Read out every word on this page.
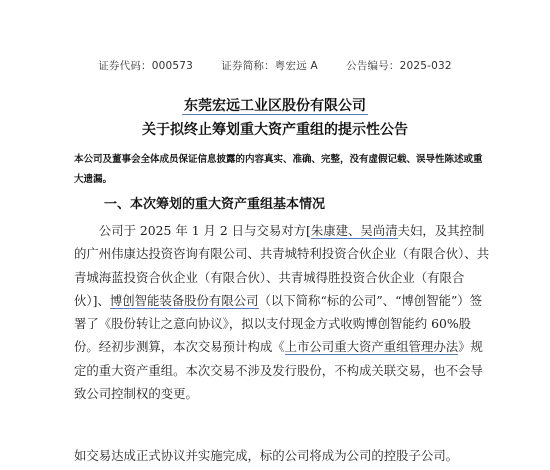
证券代码：000573        证券简称：粤宏远 A        公告编号：2025-032
东莞宏远工业区股份有限公司
关于拟终止筹划重大资产重组的提示性公告
本公司及董事会全体成员保证信息披露的内容真实、准确、完整，没有虚假记载、误导性陈述或重大遗漏。
一、本次筹划的重大资产重组基本情况
公司于 2025 年 1 月 2 日与交易对方[朱康建、吴尚清夫妇，及其控制的广州伟康达投资咨询有限公司、共青城特利投资合伙企业（有限合伙）、共青城海蓝投资合伙企业（有限合伙）、共青城得胜投资合伙企业（有限合伙）]、博创智能装备股份有限公司（以下简称“标的公司”、“博创智能”）签署了《股份转让之意向协议》，拟以支付现金方式收购博创智能约 60%股份。经初步测算，本次交易预计构成《上市公司重大资产重组管理办法》规定的重大资产重组。本次交易不涉及发行股份，不构成关联交易，也不会导致公司控制权的变更。
如交易达成正式协议并实施完成，标的公司将成为公司的控股子公司。
